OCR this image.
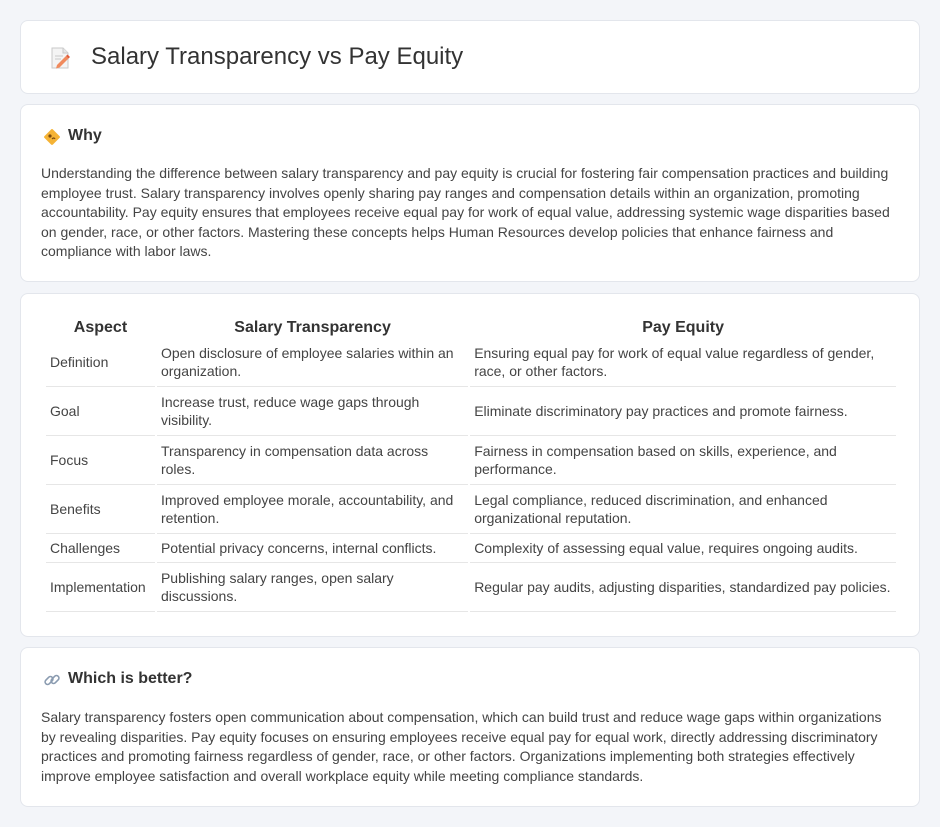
Salary Transparency vs Pay Equity
Why

Understanding the difference between salary transparency and pay equity is crucial for fostering fair compensation practices and building employee trust. Salary transparency involves openly sharing pay ranges and compensation details within an organization, promoting accountability. Pay equity ensures that employees receive equal pay for work of equal value, addressing systemic wage disparities based on gender, race, or other factors. Mastering these concepts helps Human Resources develop policies that enhance fairness and compliance with labor laws.

Aspect	Salary Transparency	Pay Equity
Definition	Open disclosure of employee salaries within an organization.	Ensuring equal pay for work of equal value regardless of gender, race, or other factors.
Goal	Increase trust, reduce wage gaps through visibility.	Eliminate discriminatory pay practices and promote fairness.
Focus	Transparency in compensation data across roles.	Fairness in compensation based on skills, experience, and performance.
Benefits	Improved employee morale, accountability, and retention.	Legal compliance, reduced discrimination, and enhanced organizational reputation.
Challenges	Potential privacy concerns, internal conflicts.	Complexity of assessing equal value, requires ongoing audits.
Implementation	Publishing salary ranges, open salary discussions.	Regular pay audits, adjusting disparities, standardized pay policies.
Which is better?

Salary transparency fosters open communication about compensation, which can build trust and reduce wage gaps within organizations by revealing disparities. Pay equity focuses on ensuring employees receive equal pay for equal work, directly addressing discriminatory practices and promoting fairness regardless of gender, race, or other factors. Organizations implementing both strategies effectively improve employee satisfaction and overall workplace equity while meeting compliance standards.
